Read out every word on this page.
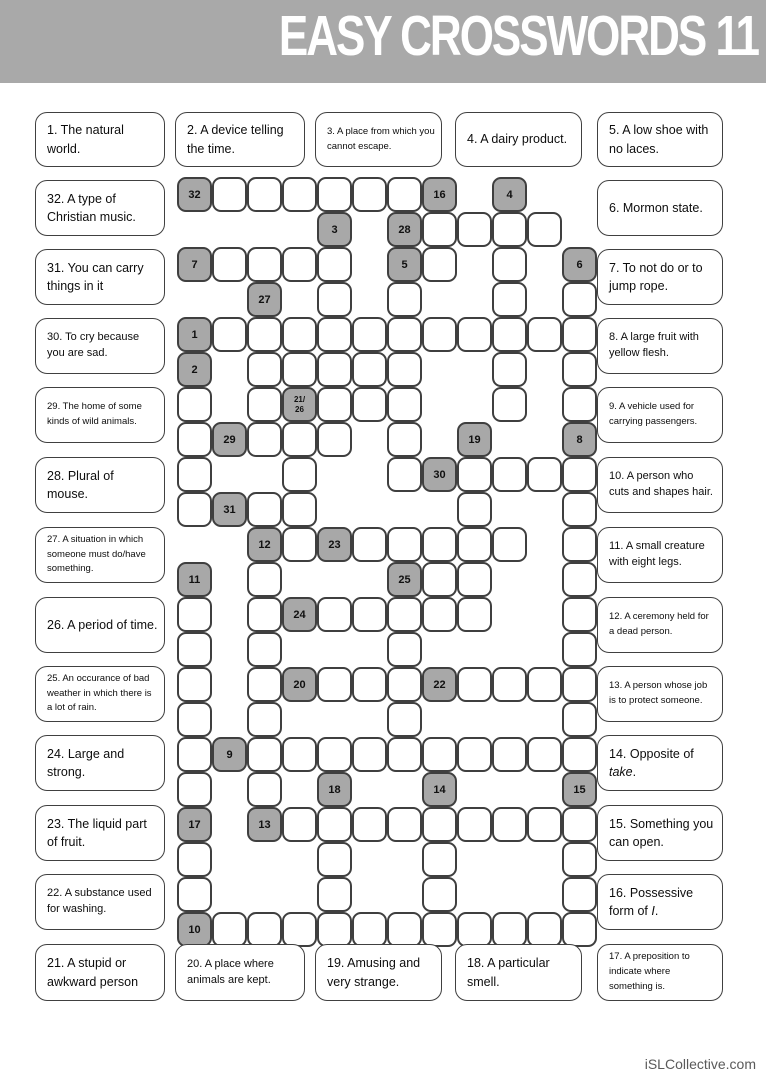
EASY CROSSWORDS 11
32	16	4
3	28
7	5	6
27
1
2
21/
26
29	19	8
30
31
12	23
11	25
24
20	22
9
18	14	15
17	13
10
iSLCollective.com
1. The natural world.
2. A device telling the time.
3. A place from which you cannot escape.	4. A dairy product.
5. A low shoe with no laces.
21. A stupid or awkward person
20. A place where animals are kept.
19. Amusing and very strange.
18. A particular smell.
17. A preposition to indicate where something is.
32. A type of Christian music.
31. You can carry things in it
30. To cry because you are sad.
29. The home of some kinds of wild animals.
28. Plural of mouse.
27. A situation in which someone must do/have something.
26. A period of time.
25. An occurance of bad weather in which there is a lot of rain.
24. Large and strong.
23. The liquid part of fruit.
22. A substance used for washing.
6. Mormon state.
7. To not do or to jump rope.
8. A large fruit with yellow flesh.
9. A vehicle used for carrying passengers.
10. A person who cuts and shapes hair.
11. A small creature with eight legs.
12. A ceremony held for a dead person.
13. A person whose job is to protect someone.
14. Opposite of take.
15. Something you can open.
16. Possessive form of I.
